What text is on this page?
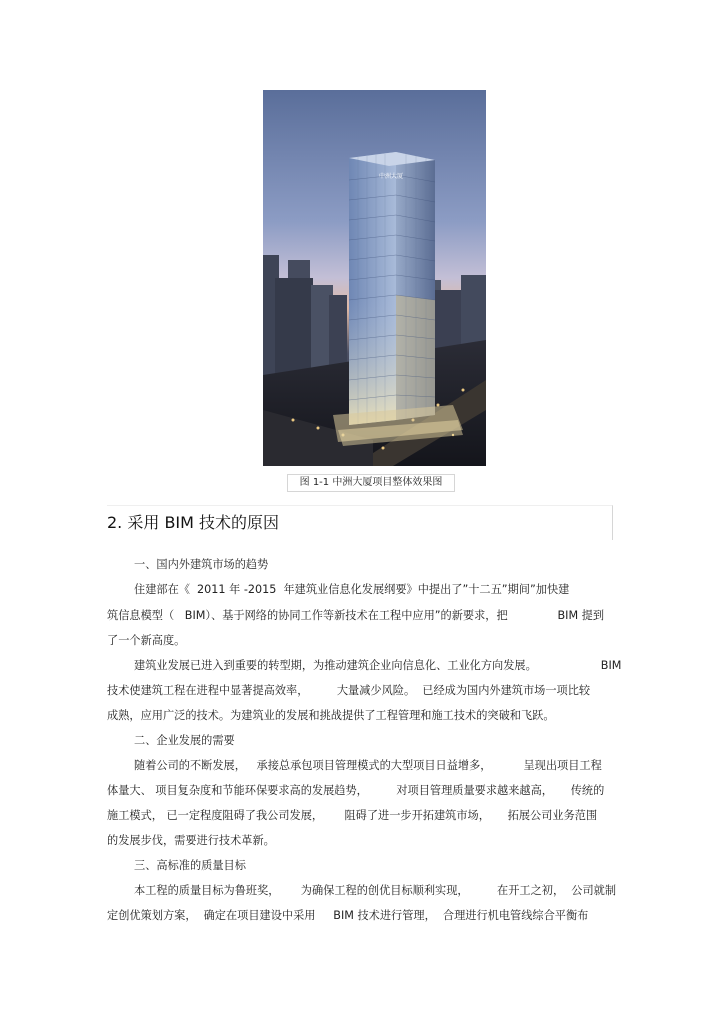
中洲大厦
图 1-1 中洲大厦项目整体效果图
2. 采用 BIM 技术的原因
一、国内外建筑市场的趋势
住建部在《  2011 年 -2015  年建筑业信息化发展纲要》中提出了”十二五”期间”加快建
筑信息模型（   BIM）、基于网络的协同工作等新技术在工程中应用”的新要求，把              BIM 提到
了一个新高度。
建筑业发展已进入到重要的转型期，为推动建筑企业向信息化、工业化方向发展。                  BIM
技术使建筑工程在进程中显著提高效率，        大量减少风险。  已经成为国内外建筑市场一项比较
成熟，应用广泛的技术。为建筑业的发展和挑战提供了工程管理和施工技术的突破和飞跃。
二、企业发展的需要
随着公司的不断发展，   承接总承包项目管理模式的大型项目日益增多，         呈现出项目工程
体量大、 项目复杂度和节能环保要求高的发展趋势，        对项目管理质量要求越来越高，     传统的
施工模式， 已一定程度阻碍了我公司发展，      阻碍了进一步开拓建筑市场，     拓展公司业务范围
的发展步伐，需要进行技术革新。
三、高标准的质量目标
本工程的质量目标为鲁班奖，      为确保工程的创优目标顺利实现，        在开工之初，  公司就制
定创优策划方案，  确定在项目建设中采用     BIM 技术进行管理，  合理进行机电管线综合平衡布
